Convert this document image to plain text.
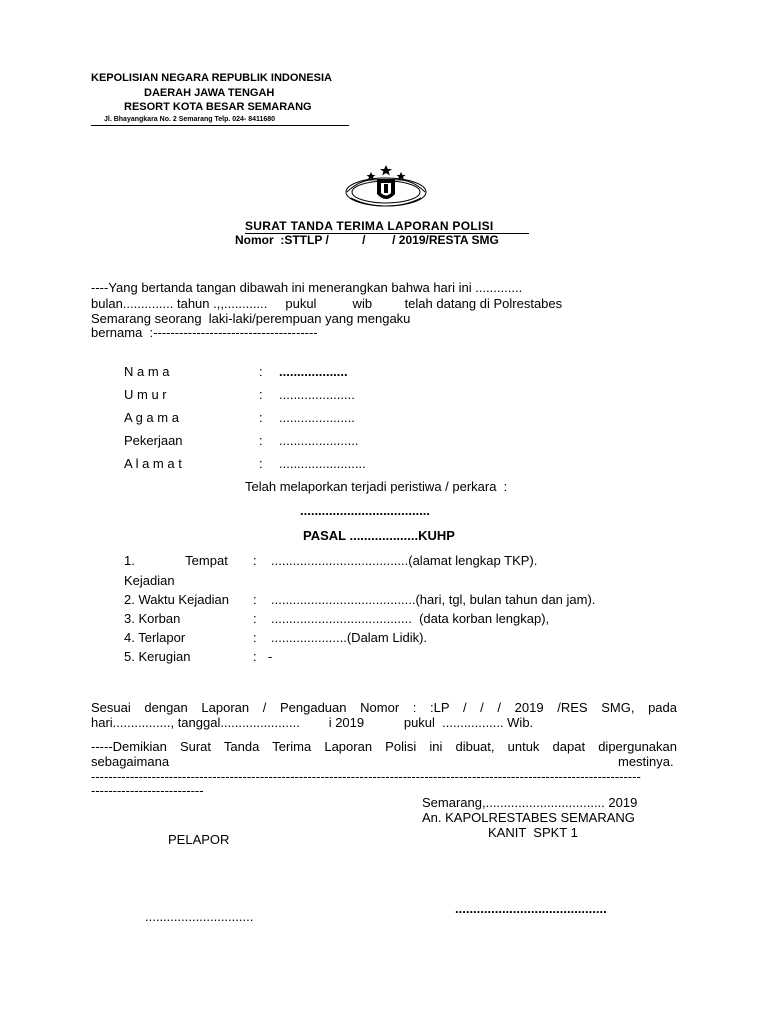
KEPOLISIAN NEGARA REPUBLIK INDONESIA
DAERAH JAWA TENGAH
RESORT KOTA BESAR SEMARANG
Jl. Bhayangkara No. 2 Semarang Telp. 024- 8411680
SURAT TANDA TERIMA LAPORAN POLISI
Nomor  :STTLP /          /        / 2019/RESTA SMG
----Yang bertanda tangan dibawah ini menerangkan bahwa hari ini .............
bulan.............. tahun .,,............     pukul          wib         telah datang di Polrestabes
Semarang seorang  laki-laki/perempuan yang mengaku
bernama  :--------------------------------------
N a m a	: ...................
U m u r	: .....................
A g a m a	: .....................
Pekerjaan	: ......................
A l a m a t	: ........................
Telah melaporkan terjadi peristiwa / perkara  :
....................................
PASAL ...................KUHP
1.              Tempat : ......................................(alamat lengkap TKP).
Kejadian
2. Waktu Kejadian : ........................................(hari, tgl, bulan tahun dan jam).
3. Korban	: .......................................  (data korban lengkap),
4. Terlapor	: .....................(Dalam Lidik).
5. Kerugian	: -
Sesuai dengan Laporan / Pengaduan Nomor : :LP / / / 2019 /RES SMG, pada
hari................, tanggal......................        i 2019           pukul  ................. Wib.
-----Demikian Surat Tanda Terima Laporan Polisi ini dibuat, untuk dapat dipergunakan
sebagaimana	mestinya.
-------------------------------------------------------------------------------------------------------------------------------
--------------------------
Semarang,................................. 2019
An. KAPOLRESTABES SEMARANG
KANIT  SPKT 1
PELAPOR
..............................
..........................................
